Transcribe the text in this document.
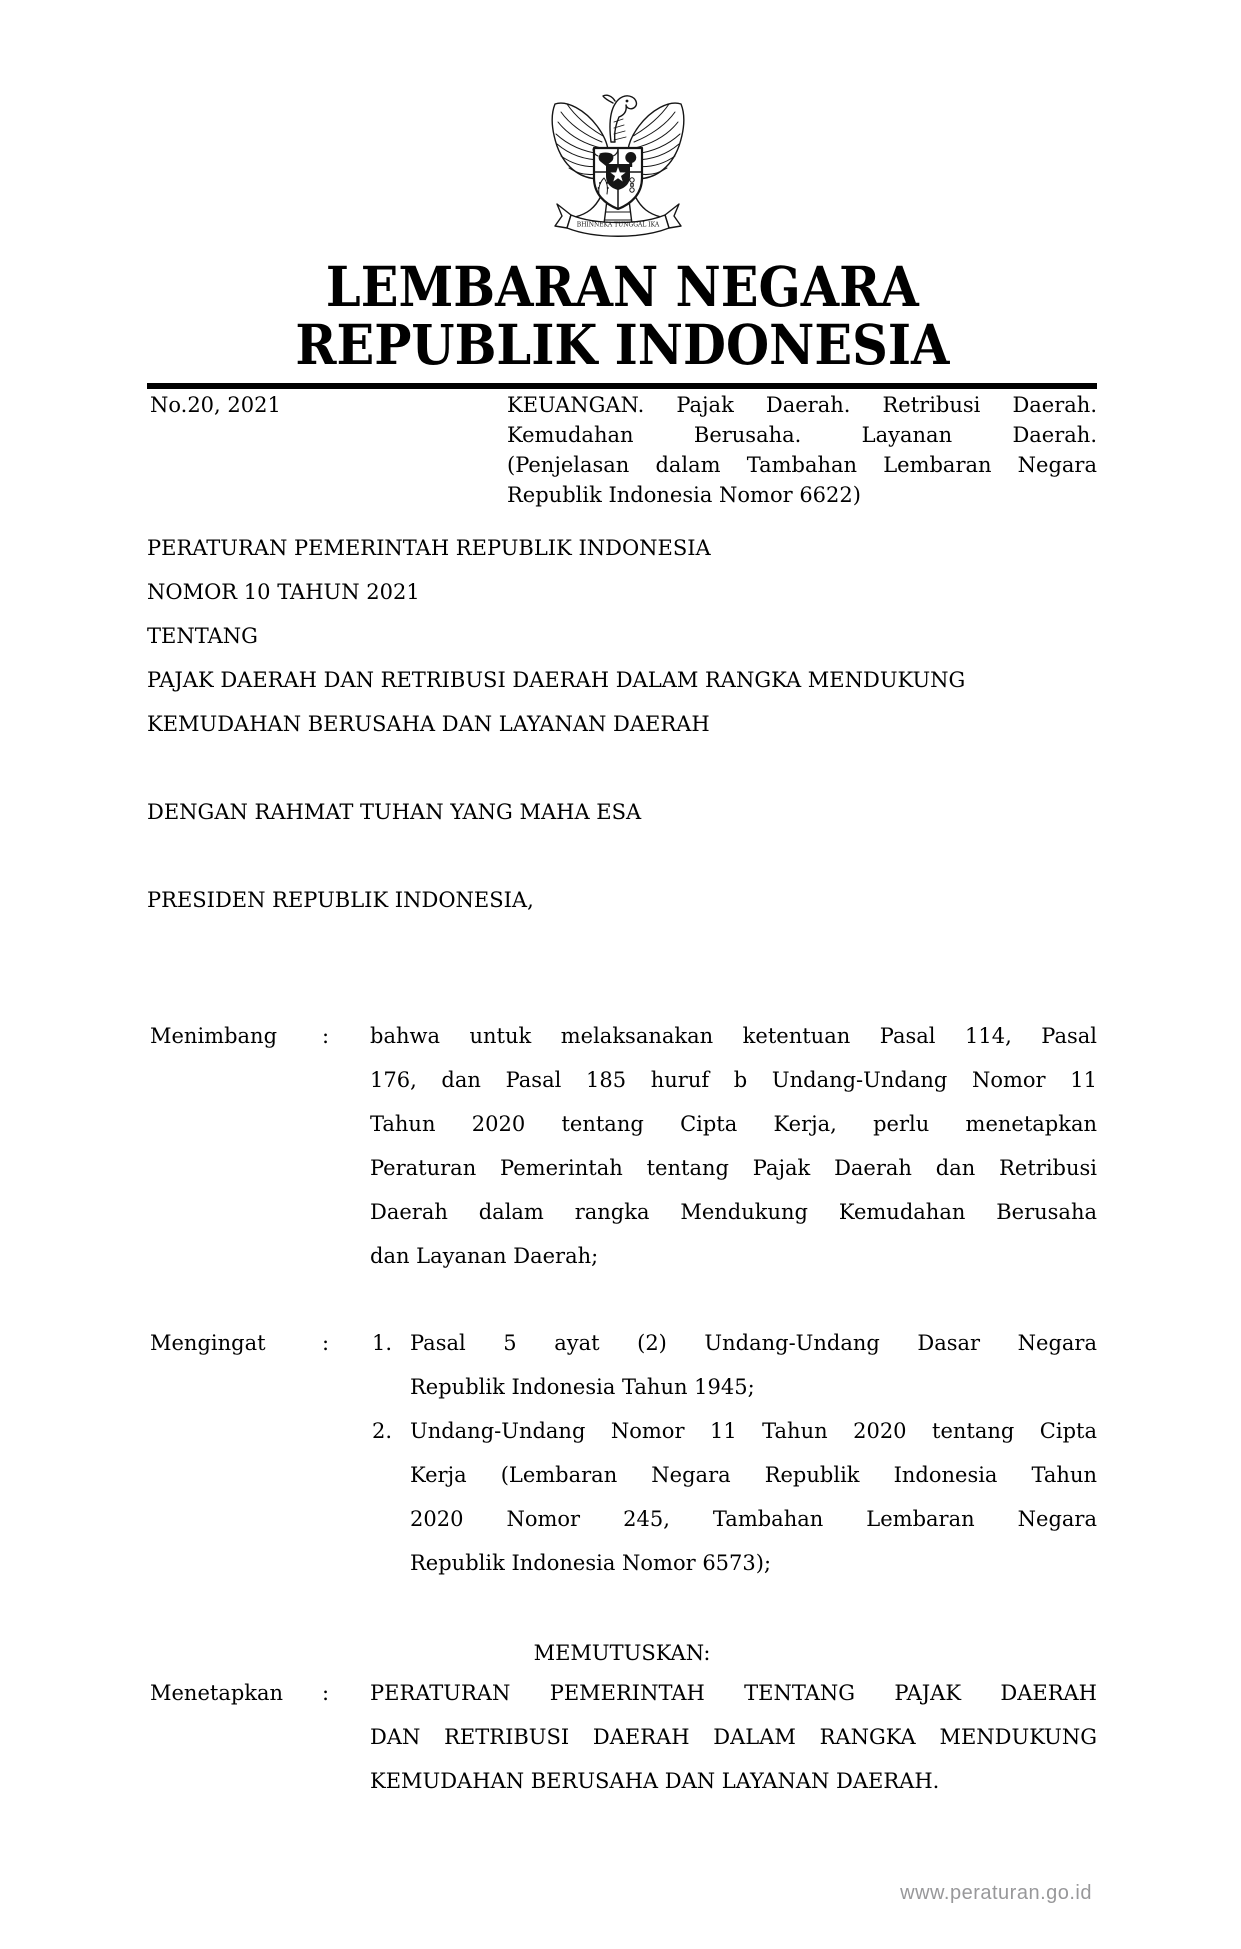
BHINNEKA TUNGGAL IKA
LEMBARAN NEGARA
REPUBLIK INDONESIA
No.20, 2021	KEUANGAN. Pajak Daerah. Retribusi Daerah.
Kemudahan Berusaha. Layanan Daerah.
(Penjelasan dalam Tambahan Lembaran Negara
Republik Indonesia Nomor 6622)
PERATURAN PEMERINTAH REPUBLIK INDONESIA
NOMOR 10 TAHUN 2021
TENTANG
PAJAK DAERAH DAN RETRIBUSI DAERAH DALAM RANGKA MENDUKUNG
KEMUDAHAN BERUSAHA DAN LAYANAN DAERAH

DENGAN RAHMAT TUHAN YANG MAHA ESA

PRESIDEN REPUBLIK INDONESIA,
Menimbang : bahwa untuk melaksanakan ketentuan Pasal 114, Pasal
176, dan Pasal 185 huruf b Undang-Undang Nomor 11
Tahun 2020 tentang Cipta Kerja, perlu menetapkan
Peraturan Pemerintah tentang Pajak Daerah dan Retribusi
Daerah dalam rangka Mendukung Kemudahan Berusaha
dan Layanan Daerah;
Mengingat	: 1. Pasal 5 ayat (2) Undang-Undang Dasar Negara
Republik Indonesia Tahun 1945;
2. Undang-Undang Nomor 11 Tahun 2020 tentang Cipta
Kerja (Lembaran Negara Republik Indonesia Tahun
2020 Nomor 245, Tambahan Lembaran Negara
Republik Indonesia Nomor 6573);
MEMUTUSKAN:
Menetapkan : PERATURAN PEMERINTAH TENTANG PAJAK DAERAH
DAN RETRIBUSI DAERAH DALAM RANGKA MENDUKUNG
KEMUDAHAN BERUSAHA DAN LAYANAN DAERAH.
www.peraturan.go.id
